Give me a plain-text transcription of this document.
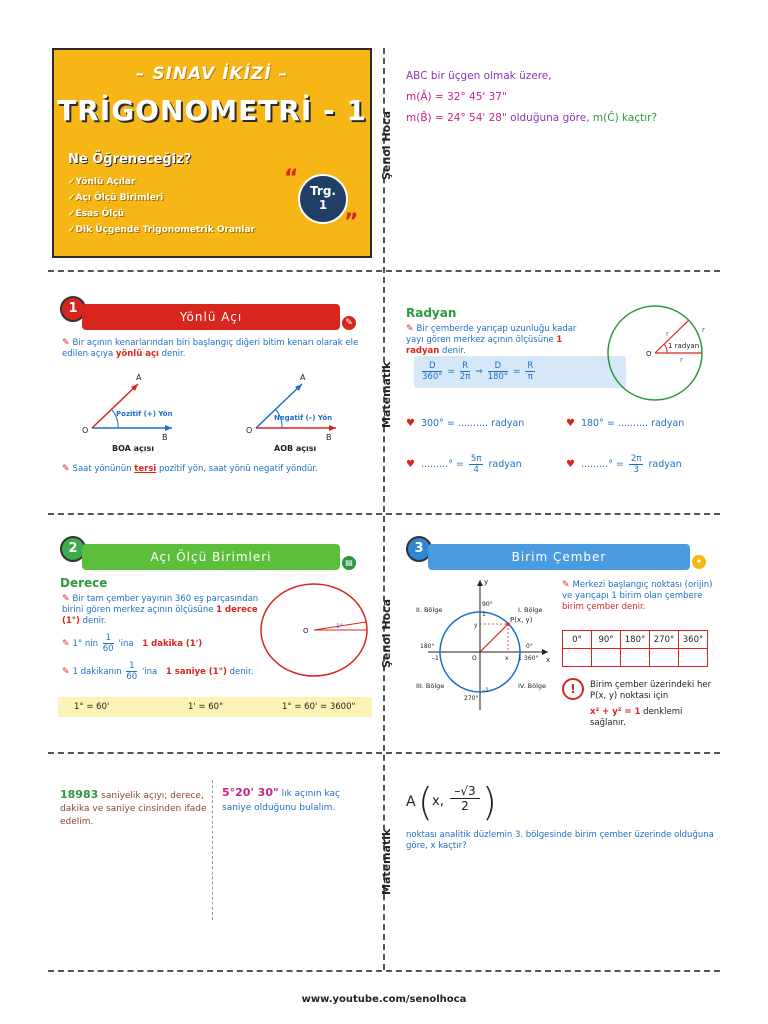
Şenol Hoca
Matematik
Şenol Hoca
Matematik
– SINAV İKİZİ –
TRİGONOMETRİ - 1
Ne Öğreneceğiz?
✓Yönlü Açılar
✓Açı Ölçü Birimleri
✓Esas Ölçü
✓Dik Üçgende Trigonometrik Oranlar
“ Trg.
1
”
ABC bir üçgen olmak üzere,
m(Â) = 32° 45' 37"
m(B̂) = 24° 54' 28" olduğuna göre, m(Ĉ) kaçtır?
1
Yönlü Açı	✎
✎ Bir açının kenarlarından biri başlangıç diğeri bitim kenarı olarak ele edilen açıya yönlü açı denir.
A
O
B
Pozitif (+) Yön
BOA açısı
A
O
B
Negatif (–) Yön
AOB açısı
✎ Saat yönünün tersi pozitif yön, saat yönü negatif yöndür.
Radyan
✎ Bir çemberde yarıçap uzunluğu kadar yayı gören merkez açının ölçüsüne 1 radyan denir.
$\frac{D}{360^\circ} = \frac{R}{2\pi}$ ⇒ $\frac{D}{180^\circ} = \frac{R}{\pi}$
O
r
r
r
1 radyan
♥ 300° = .......... radyan	♥ 180° = .......... radyan
♥ .........° = $\frac{5\pi}{4}$ radyan	♥ .........° = $\frac{2\pi}{3}$ radyan
2
Açı Ölçü Birimleri	▤
Derece
✎ Bir tam çember yayının 360 eş parçasından birini gören merkez açının ölçüsüne 1 derece (1°) denir.
✎ 1° nin $\frac{1}{60}$ 'ina 1 dakika (1')
✎ 1 dakikanın $\frac{1}{60}$ 'ina 1 saniye (1") denir.
O
1°
1° = 60'	1' = 60"	1° = 60' = 3600"
3
Birim Çember	✦
II. Bölge	I. Bölge
III. Bölge	IV. Bölge
y
x
90°
180°	0°
360°
270°
1
1
–1
–1
P(x, y)
O	x
y
✎ Merkezi başlangıç noktası (orijin) ve yarıçapı 1 birim olan çembere birim çember denir.
0°	90°	180°	270°	360°

!	Birim çember üzerindeki her P(x, y) noktası için
x² + y² = 1 denklemi sağlanır.
18983 saniyelik açıyı; derece, dakika ve saniye cinsinden ifade edelim.
5°20' 30" lık açının kaç saniye olduğunu bulalım.	A ( x,
–√3
2 )
noktası analitik düzlemin 3. bölgesinde birim çember üzerinde olduğuna göre, x kaçtır?
www.youtube.com/senolhoca
